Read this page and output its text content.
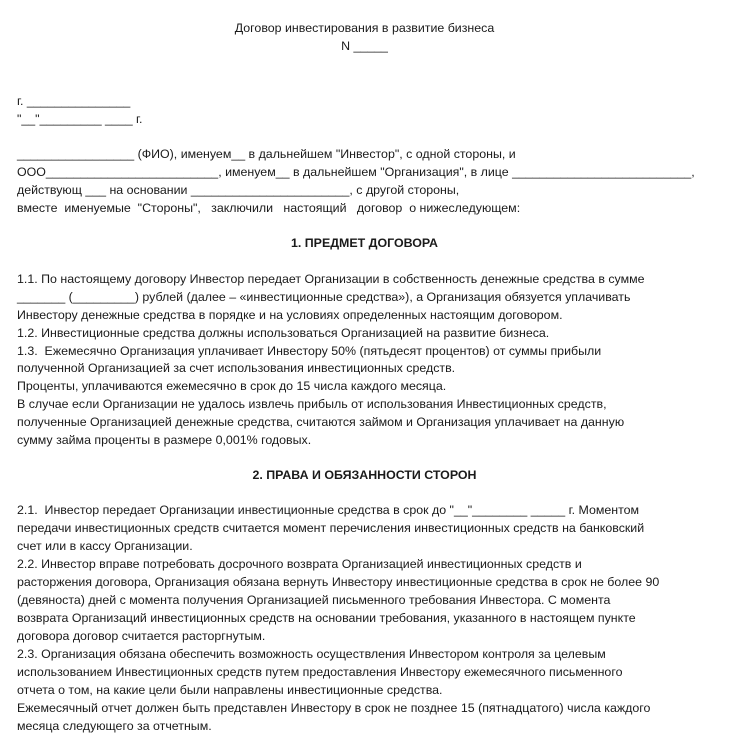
Договор инвестирования в развитие бизнеса
N _____
г. _______________
"__"_________ ____ г.
_________________ (ФИО), именуем__ в дальнейшем "Инвестор", с одной стороны, и
ООО_________________________, именуем__ в дальнейшем "Организация", в лице __________________________,
действующ ___ на основании _______________________, с другой стороны,
вместе  именуемые  "Стороны",   заключили   настоящий   договор  о нижеследующем:
1. ПРЕДМЕТ ДОГОВОРА
1.1. По настоящему договору Инвестор передает Организации в собственность денежные средства в сумме
_______ (_________) рублей (далее – «инвестиционные средства»), а Организация обязуется уплачивать
Инвестору денежные средства в порядке и на условиях определенных настоящим договором.
1.2. Инвестиционные средства должны использоваться Организацией на развитие бизнеса.
1.3.  Ежемесячно Организация уплачивает Инвестору 50% (пятьдесят процентов) от суммы прибыли
полученной Организацией за счет использования инвестиционных средств.
Проценты, уплачиваются ежемесячно в срок до 15 числа каждого месяца.
В случае если Организации не удалось извлечь прибыль от использования Инвестиционных средств,
полученные Организацией денежные средства, считаются займом и Организация уплачивает на данную
сумму займа проценты в размере 0,001% годовых.
2. ПРАВА И ОБЯЗАННОСТИ СТОРОН
2.1.  Инвестор передает Организации инвестиционные средства в срок до "__"________ _____ г. Моментом
передачи инвестиционных средств считается момент перечисления инвестиционных средств на банковский
счет или в кассу Организации.
2.2. Инвестор вправе потребовать досрочного возврата Организацией инвестиционных средств и
расторжения договора, Организация обязана вернуть Инвестору инвестиционные средства в срок не более 90
(девяноста) дней с момента получения Организацией письменного требования Инвестора. С момента
возврата Организаций инвестиционных средств на основании требования, указанного в настоящем пункте
договора договор считается расторгнутым.
2.3. Организация обязана обеспечить возможность осуществления Инвестором контроля за целевым
использованием Инвестиционных средств путем предоставления Инвестору ежемесячного письменного
отчета о том, на какие цели были направлены инвестиционные средства.
Ежемесячный отчет должен быть представлен Инвестору в срок не позднее 15 (пятнадцатого) числа каждого
месяца следующего за отчетным.
